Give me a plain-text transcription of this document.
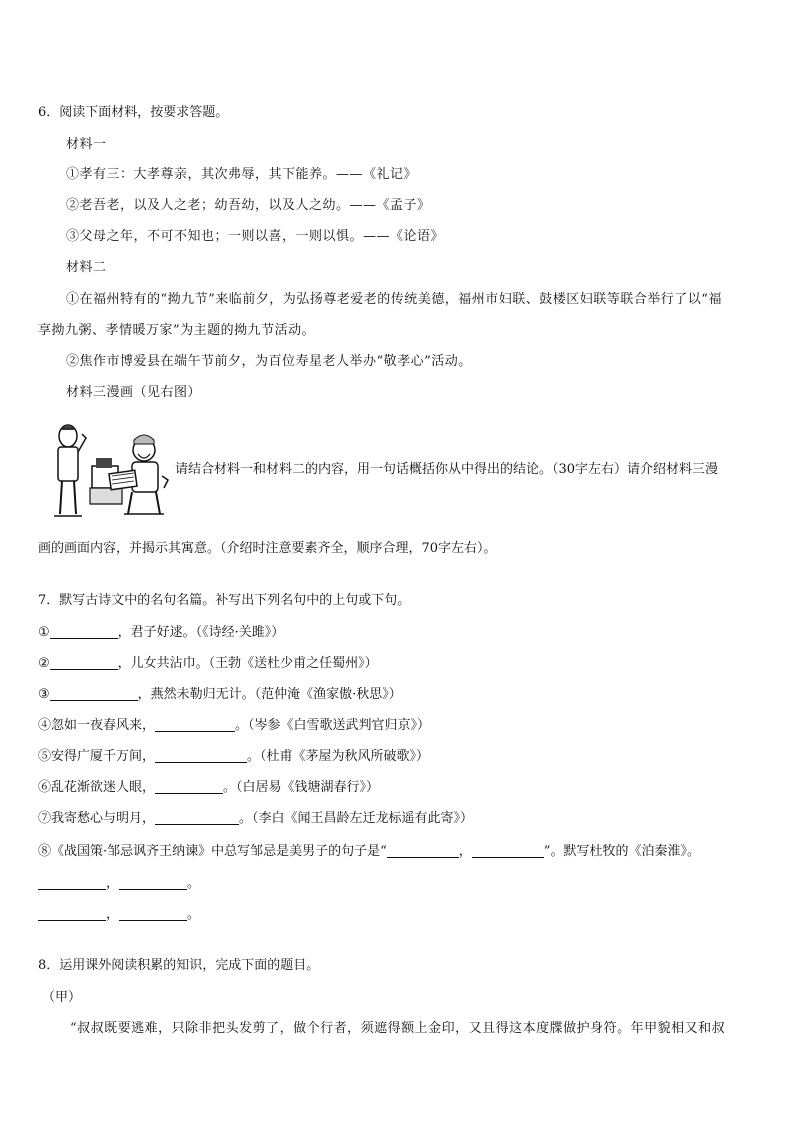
6．阅读下面材料，按要求答题。
材料一
①孝有三：大孝尊亲，其次弗辱，其下能养。——《礼记》
②老吾老，以及人之老；幼吾幼，以及人之幼。——《孟子》
③父母之年，不可不知也；一则以喜，一则以惧。——《论语》
材料二
①在福州特有的“拗九节”来临前夕，为弘扬尊老爱老的传统美德，福州市妇联、鼓楼区妇联等联合举行了以“福
享拗九粥、孝情暖万家”为主题的拗九节活动。
②焦作市博爱县在端午节前夕，为百位寿星老人举办“敬孝心”活动。
材料三漫画（见右图）
请结合材料一和材料二的内容，用一句话概括你从中得出的结论。（30字左右）请介绍材料三漫
画的画面内容，并揭示其寓意。（介绍时注意要素齐全，顺序合理，70字左右）。
7．默写古诗文中的名句名篇。补写出下列名句中的上句或下句。
①	，君子好逑。（《诗经·关雎》）
②	，儿女共沾巾。（王勃《送杜少甫之任蜀州》）
③	，燕然未勒归无计。（范仲淹《渔家傲·秋思》）
④忽如一夜春风来，	。（岑参《白雪歌送武判官归京》）
⑤安得广厦千万间，	。（杜甫《茅屋为秋风所破歌》）
⑥乱花渐欲迷人眼，	。（白居易《钱塘湖春行》）
⑦我寄愁心与明月，	。（李白《闻王昌龄左迁龙标遥有此寄》）
⑧《战国策·邹忌讽齐王纳谏》中总写邹忌是美男子的句子是“	，	”。默写杜牧的《泊秦淮》。
，	。
，	。
8．运用课外阅读积累的知识，完成下面的题目。
（甲）
“叔叔既要逃难，只除非把头发剪了，做个行者，须遮得额上金印，又且得这本度牒做护身符。年甲貌相又和叔
